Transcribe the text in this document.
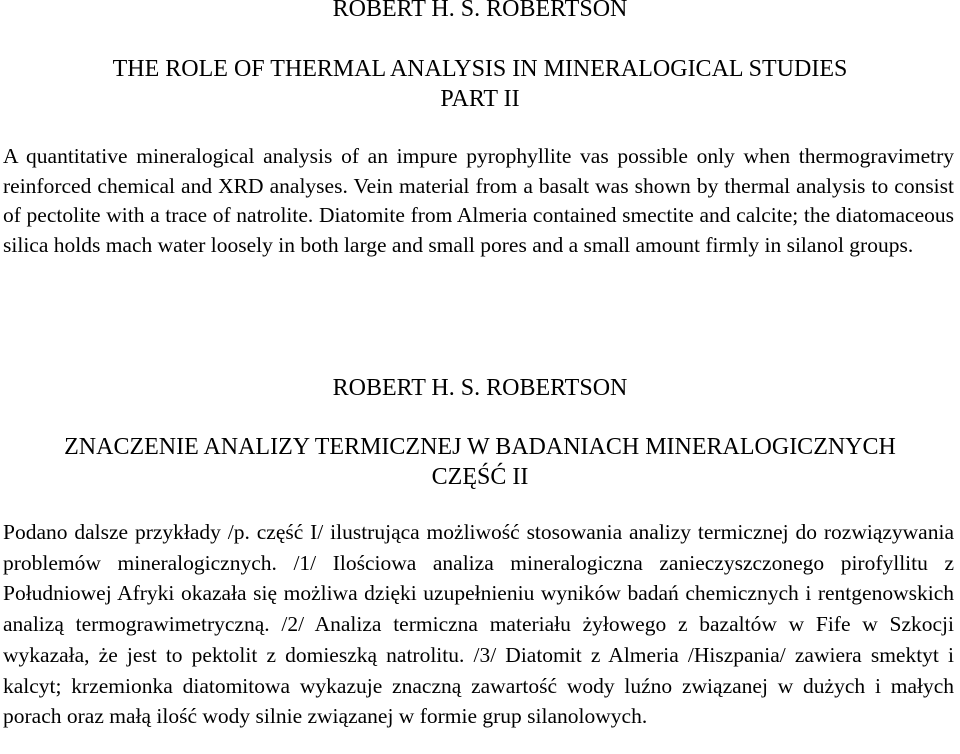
ROBERT H. S. ROBERTSON
THE ROLE OF THERMAL ANALYSIS IN MINERALOGICAL STUDIES
PART II

A quantitative mineralogical analysis of an impure pyrophyllite vas possible only when thermogravimetry reinforced chemical and XRD analyses. Vein material from a basalt was shown by thermal analysis to consist of pectolite with a trace of natrolite. Diatomite from Almeria contained smectite and calcite; the diatomaceous silica holds mach water loosely in both large and small pores and a small amount firmly in silanol groups.

ROBERT H. S. ROBERTSON
ZNACZENIE ANALIZY TERMICZNEJ W BADANIACH MINERALOGICZNYCH
CZĘŚĆ II

Podano dalsze przykłady /p. część I/ ilustrująca możliwość stosowania analizy termicznej do rozwiązywania problemów mineralogicznych. /1/ Ilościowa analiza mineralogiczna zanieczyszczonego pirofyllitu z Południowej Afryki okazała się możliwa dzięki uzupełnieniu wyników badań chemicznych i rentgenowskich analizą termograwimetryczną. /2/ Analiza termiczna materiału żyłowego z bazaltów w Fife w Szkocji wykazała, że jest to pektolit z domieszką natrolitu. /3/ Diatomit z Almeria /Hiszpania/ zawiera smektyt i kalcyt; krzemionka diatomitowa wykazuje znaczną zawartość wody luźno związanej w dużych i małych porach oraz małą ilość wody silnie związanej w formie grup silanolowych.
